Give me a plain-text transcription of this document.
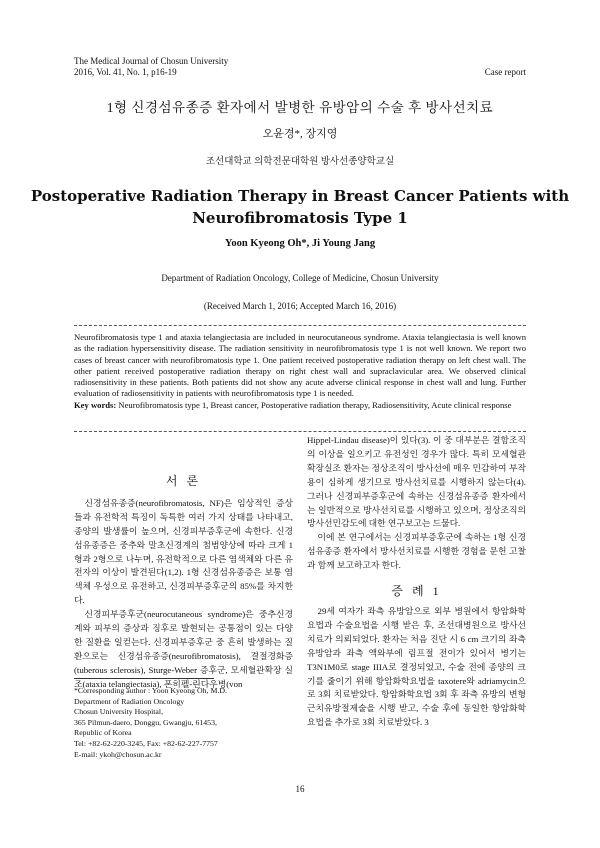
The Medical Journal of Chosun University
2016, Vol. 41, No. 1, p16-19	Case report
1형 신경섬유종증 환자에서 발병한 유방암의 수술 후 방사선치료
오윤경*, 장지영
조선대학교 의학전문대학원 방사선종양학교실
Postoperative Radiation Therapy in Breast Cancer Patients with
Neurofibromatosis Type 1
Yoon Kyeong Oh*, Ji Young Jang
Department of Radiation Oncology, College of Medicine, Chosun University
(Received March 1, 2016; Accepted March 16, 2016)

Neurofibromatosis type 1 and ataxia telangiectasia are included in neurocutaneous syndrome. Ataxia telangiectasia is well known as the radiation hypersensitivity disease. The radiation sensitivity in neurofibromatosis type 1 is not well known. We report two cases of breast cancer with neurofibromatosis type 1. One patient received postoperative radiation therapy on left chest wall. The other patient received postoperative radiation therapy on right chest wall and supraclavicular area. We observed clinical radiosensitivity in these patients. Both patients did not show any acute adverse clinical response in chest wall and lung. Further evaluation of radiosensitivity in patients with neurofibromatosis type 1 is needed.

Key words: Neurofibromatosis type 1, Breast cancer, Postoperative radiation therapy, Radiosensitivity, Acute clinical response

서 론

신경섬유종증(neurofibromatosis, NF)은 임상적인 증상들과 유전학적 특징이 독특한 여러 가지 상태를 나타내고, 종양의 발생률이 높으며, 신경피부증후군에 속한다. 신경섬유종증은 중추와 말초신경계의 첨범양상에 따라 크게 1형과 2형으로 나누며, 유전학적으로 다른 염색체와 다른 유전자의 이상이 발견된다(1,2). 1형 신경섬유종증은 보통 염색체 우성으로 유전하고, 신경피부증후군의 85%를 차지한다.

신경피부증후군(neurocutaneous syndrome)은 중추신경계와 피부의 증상과 징후로 발현되는 공통점이 있는 다양한 질환을 일컫는다. 신경피부증후군 중 흔히 발생하는 질환으로는 신경섬유종증(neurofibromatosis), 결절경화증(tuberous sclerosis), Sturge-Weber 증후군, 모세혈관확장 실조(ataxia telangiectasia), 폰히펠-린다우병(von

Hippel-Lindau disease)이 있다(3). 이 중 대부분은 결함조직의 이상을 일으키고 유전성인 경우가 많다. 특히 모세혈관확장실조 환자는 정상조직이 방사선에 매우 민감하여 부작용이 심하게 생기므로 방사선치료를 시행하지 않는다(4). 그러나 신경피부증후군에 속하는 신경섬유종증 환자에서는 일반적으로 방사선치료를 시행하고 있으며, 정상조직의 방사선민감도에 대한 연구보고는 드물다.

이에 본 연구에서는 신경피부증후군에 속하는 1형 신경섬유종증 환자에서 방사선치료를 시행한 경험을 문헌 고찰과 함께 보고하고자 한다.

증 례 1

29세 여자가 좌측 유방암으로 외부 병원에서 항암화학요법과 수술요법을 시행 받은 후, 조선대병원으로 방사선치료가 의뢰되었다. 환자는 처음 진단 시 6 cm 크기의 좌측 유방암과 좌측 액와부에 림프절 전이가 있어서 병기는 T3N1M0로 stage IIIA로 결정되었고, 수술 전에 종양의 크기를 줄이기 위해 항암화학요법을 taxotere와 adriamycin으로 3회 치료받았다. 항암화학요법 3회 후 좌측 유방의 변형근치유방절제술을 시행 받고, 수술 후에 동일한 항암화학요법을 추가로 3회 치료받았다. 3

*Corresponding author : Yoon Kyeong Oh, M.D.
Department of Radiation Oncology
Chosun University Hospital,
365 Pilmun-daero, Donggu, Gwangju, 61453,
Republic of Korea
Tel: +82-62-220-3245, Fax: +82-62-227-7757
E-mail: ykoh@chosun.ac.kr
16
